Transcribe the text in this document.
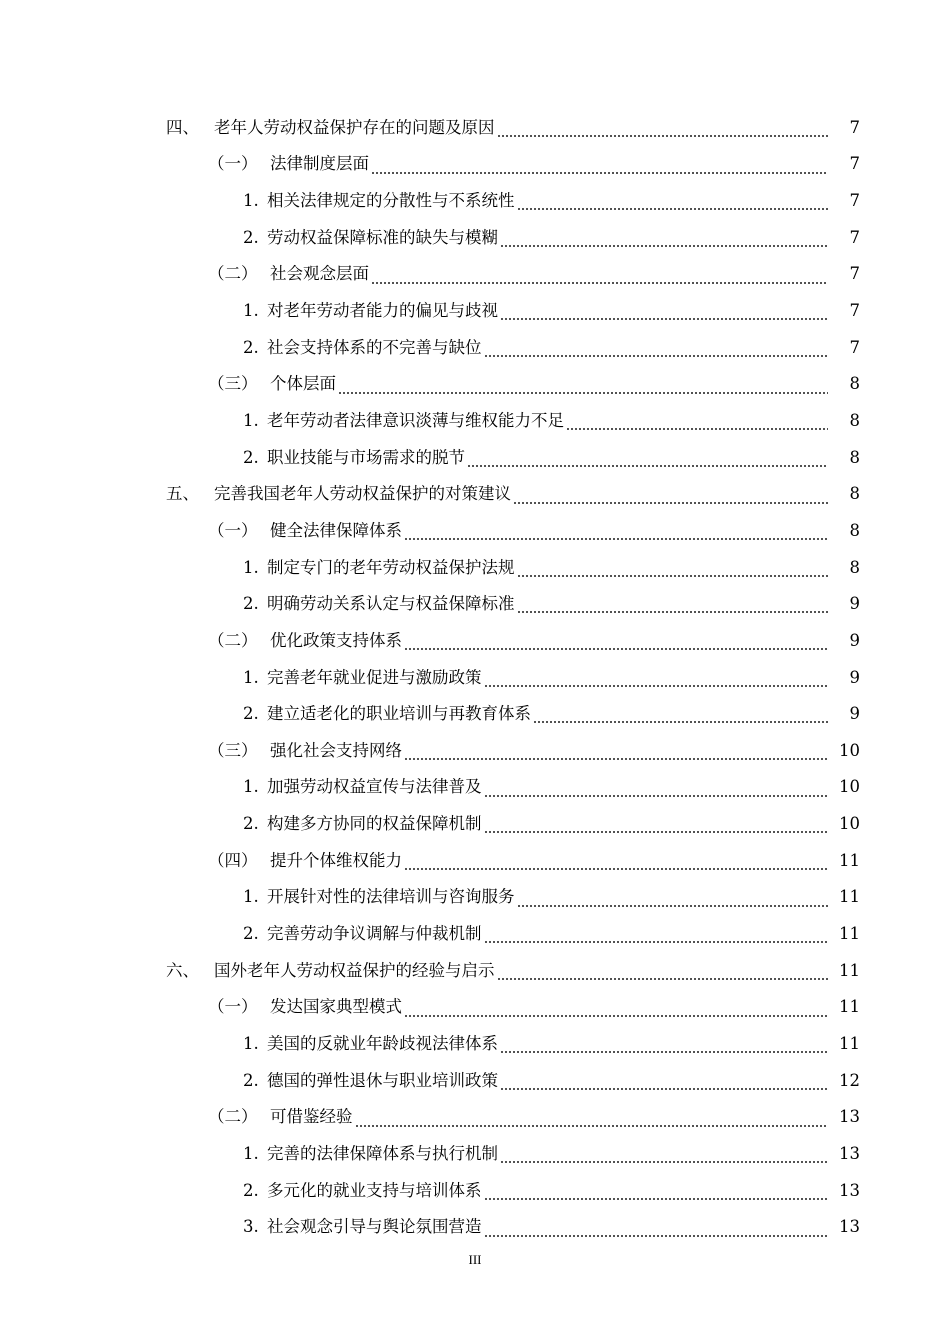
四、 老年人劳动权益保护存在的问题及原因	7
（一） 法律制度层面	7
1. 相关法律规定的分散性与不系统性	7
2. 劳动权益保障标准的缺失与模糊	7
（二） 社会观念层面	7
1. 对老年劳动者能力的偏见与歧视	7
2. 社会支持体系的不完善与缺位	7
（三） 个体层面	8
1. 老年劳动者法律意识淡薄与维权能力不足	8
2. 职业技能与市场需求的脱节	8
五、 完善我国老年人劳动权益保护的对策建议	8
（一） 健全法律保障体系	8
1. 制定专门的老年劳动权益保护法规	8
2. 明确劳动关系认定与权益保障标准	9
（二） 优化政策支持体系	9
1. 完善老年就业促进与激励政策	9
2. 建立适老化的职业培训与再教育体系	9
（三） 强化社会支持网络	10
1. 加强劳动权益宣传与法律普及	10
2. 构建多方协同的权益保障机制	10
（四） 提升个体维权能力	11
1. 开展针对性的法律培训与咨询服务	11
2. 完善劳动争议调解与仲裁机制	11
六、 国外老年人劳动权益保护的经验与启示	11
（一） 发达国家典型模式	11
1. 美国的反就业年龄歧视法律体系	11
2. 德国的弹性退休与职业培训政策	12
（二） 可借鉴经验	13
1. 完善的法律保障体系与执行机制	13
2. 多元化的就业支持与培训体系	13
3. 社会观念引导与舆论氛围营造	13
III
